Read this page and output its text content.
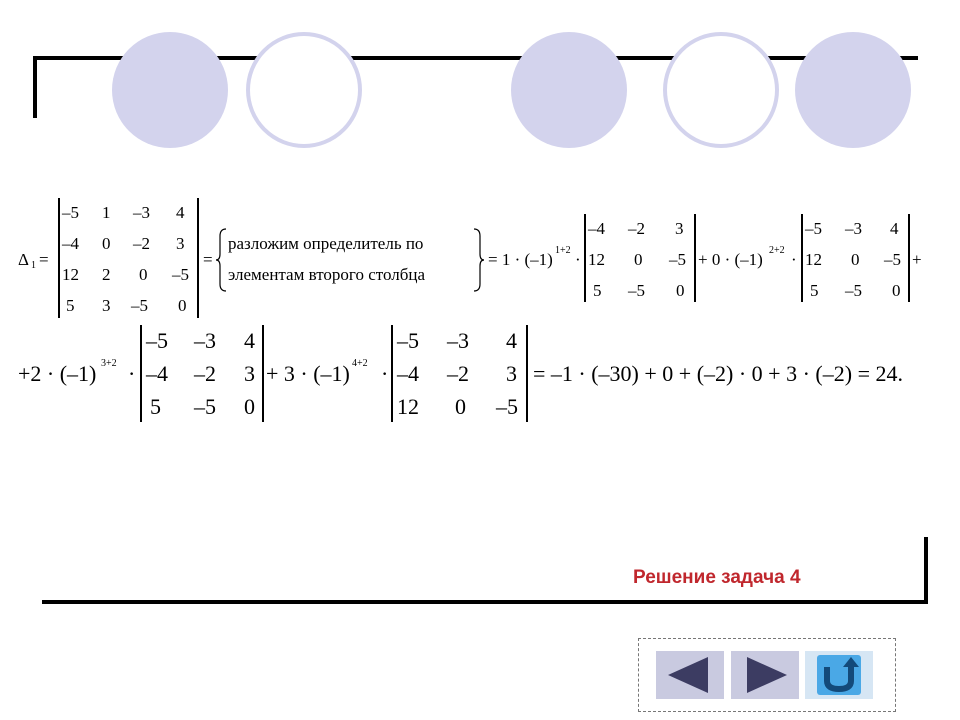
Δ 1 =
–5 1 –3 4
–4 0 –2 3
12 2 0 –5
5 3 –5 0
=
разложим определитель по
элементам второго столбца
= 1 · (–1) 1+2 ·
–4 –2 3
12 0 –5
5 –5 0
+ 0 · (–1) 2+2 ·
–5 –3 4
12 0 –5
5 –5 0
+
+2 · (–1) 3+2 ·
–5 –3 4
–4 –2 3
5 –5 0
+ 3 · (–1) 4+2 ·
–5 –3 4
–4 –2 3
12 0 –5
= –1 · (–30) + 0 + (–2) · 0 + 3 · (–2) = 24.
Решение задача 4
